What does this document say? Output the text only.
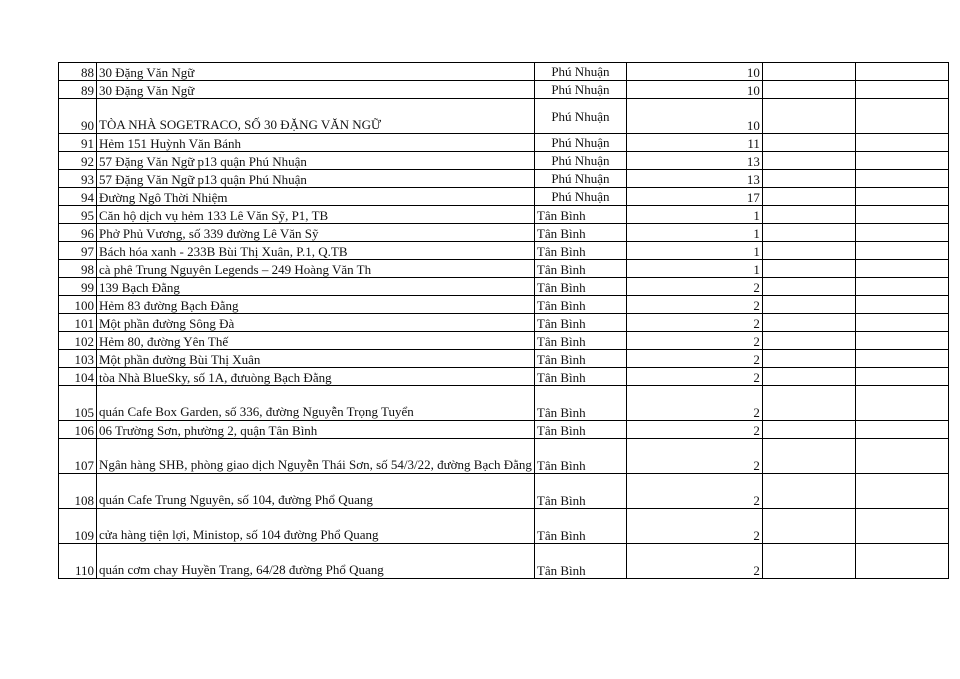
88	30 Đặng Văn Ngữ	Phú Nhuận	10		
89	30 Đặng Văn Ngữ	Phú Nhuận	10		
90	TÒA NHÀ SOGETRACO, SỐ 30 ĐẶNG VĂN NGỮ	Phú Nhuận	10		
91	Hẻm 151 Huỳnh Văn Bánh	Phú Nhuận	11		
92	57 Đặng Văn Ngữ p13 quận Phú Nhuận	Phú Nhuận	13		
93	57 Đặng Văn Ngữ p13 quận Phú Nhuận	Phú Nhuận	13		
94	Đường Ngô Thời Nhiệm	Phú Nhuận	17		
95	Căn hộ dịch vụ hẻm 133 Lê Văn Sỹ, P1, TB	Tân Bình	1		
96	Phở Phủ Vương, số 339 đường Lê Văn Sỹ	Tân Bình	1		
97	Bách hóa xanh - 233B Bùi Thị Xuân, P.1, Q.TB	Tân Bình	1		
98	cà phê Trung Nguyên Legends – 249 Hoàng Văn Th	Tân Bình	1		
99	139 Bạch Đằng	Tân Bình	2		
100	Hẻm 83 đường Bạch Đằng	Tân Bình	2		
101	Một phần đường Sông Đà	Tân Bình	2		
102	Hẻm 80, đường Yên Thế	Tân Bình	2		
103	Một phần đường Bùi Thị Xuân	Tân Bình	2		
104	tòa Nhà BlueSky, số 1A, đưuòng Bạch Đằng	Tân Bình	2		
105	quán Cafe Box Garden, số 336, đường Nguyễn Trọng Tuyển	Tân Bình	2		
106	06 Trường Sơn, phường 2, quận Tân Bình	Tân Bình	2		
107	Ngân hàng SHB, phòng giao dịch Nguyễn Thái Sơn, số 54/3/22, đường Bạch Đằng	Tân Bình	2		
108	quán Cafe Trung Nguyên, số 104, đường Phổ Quang	Tân Bình	2		
109	cửa hàng tiện lợi, Ministop, số 104 đường Phổ Quang	Tân Bình	2		
110	quán cơm chay Huyền Trang, 64/28 đường Phổ Quang	Tân Bình	2		
